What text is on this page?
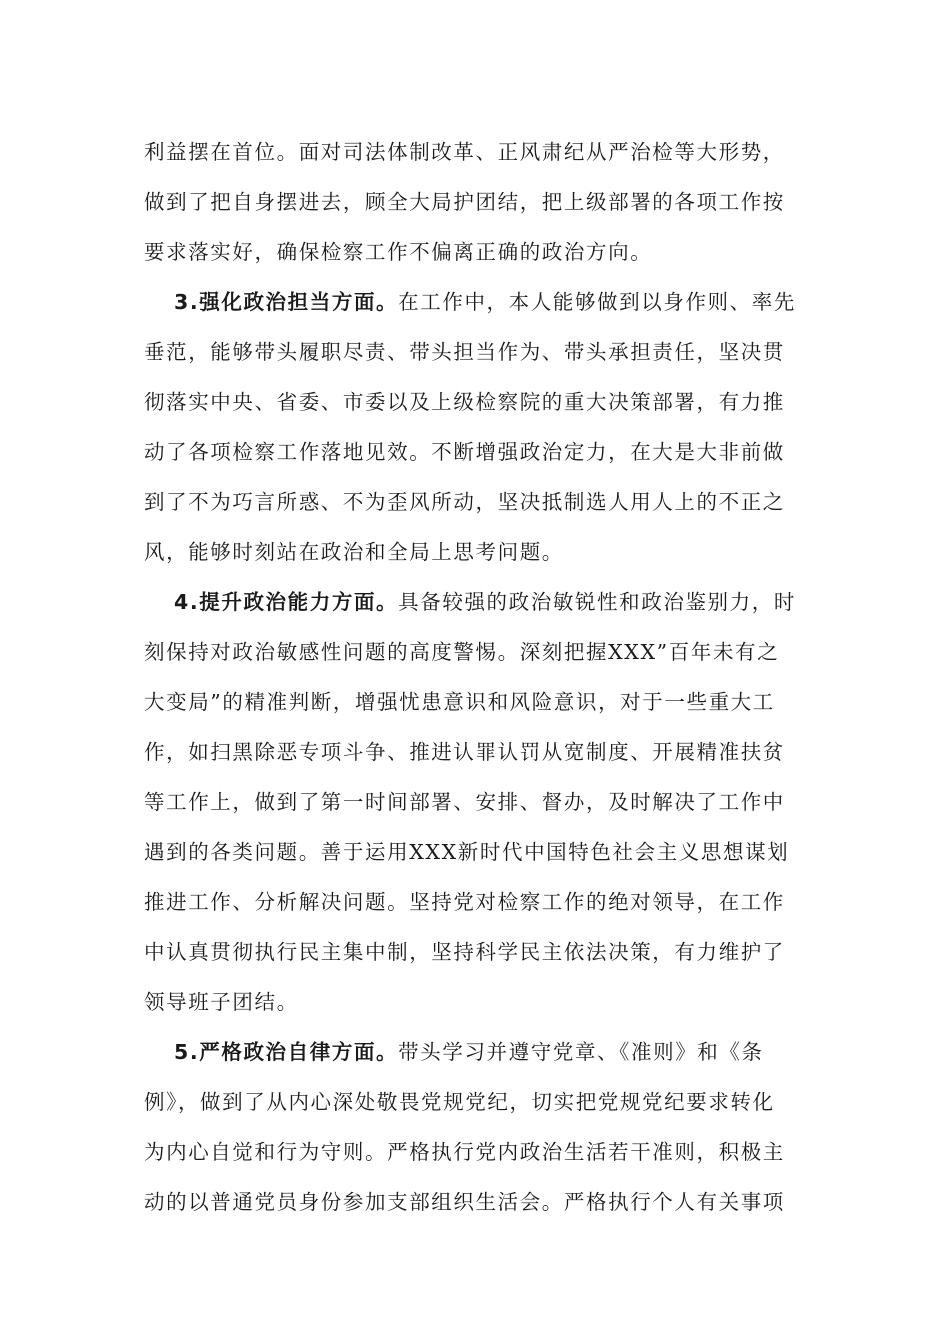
利益摆在首位。面对司法体制改革、正风肃纪从严治检等大形势，
做到了把自身摆进去，顾全大局护团结，把上级部署的各项工作按
要求落实好，确保检察工作不偏离正确的政治方向。

3.强化政治担当方面。在工作中，本人能够做到以身作则、率先
垂范，能够带头履职尽责、带头担当作为、带头承担责任，坚决贯
彻落实中央、省委、市委以及上级检察院的重大决策部署，有力推
动了各项检察工作落地见效。不断增强政治定力，在大是大非前做
到了不为巧言所惑、不为歪风所动，坚决抵制选人用人上的不正之
风，能够时刻站在政治和全局上思考问题。

4.提升政治能力方面。具备较强的政治敏锐性和政治鉴别力，时
刻保持对政治敏感性问题的高度警惕。深刻把握XXX”百年未有之
大变局”的精准判断，增强忧患意识和风险意识，对于一些重大工
作，如扫黑除恶专项斗争、推进认罪认罚从宽制度、开展精准扶贫
等工作上，做到了第一时间部署、安排、督办，及时解决了工作中
遇到的各类问题。善于运用XXX新时代中国特色社会主义思想谋划
推进工作、分析解决问题。坚持党对检察工作的绝对领导，在工作
中认真贯彻执行民主集中制，坚持科学民主依法决策，有力维护了
领导班子团结。

5.严格政治自律方面。带头学习并遵守党章、《准则》和《条
例》，做到了从内心深处敬畏党规党纪，切实把党规党纪要求转化
为内心自觉和行为守则。严格执行党内政治生活若干准则，积极主
动的以普通党员身份参加支部组织生活会。严格执行个人有关事项
